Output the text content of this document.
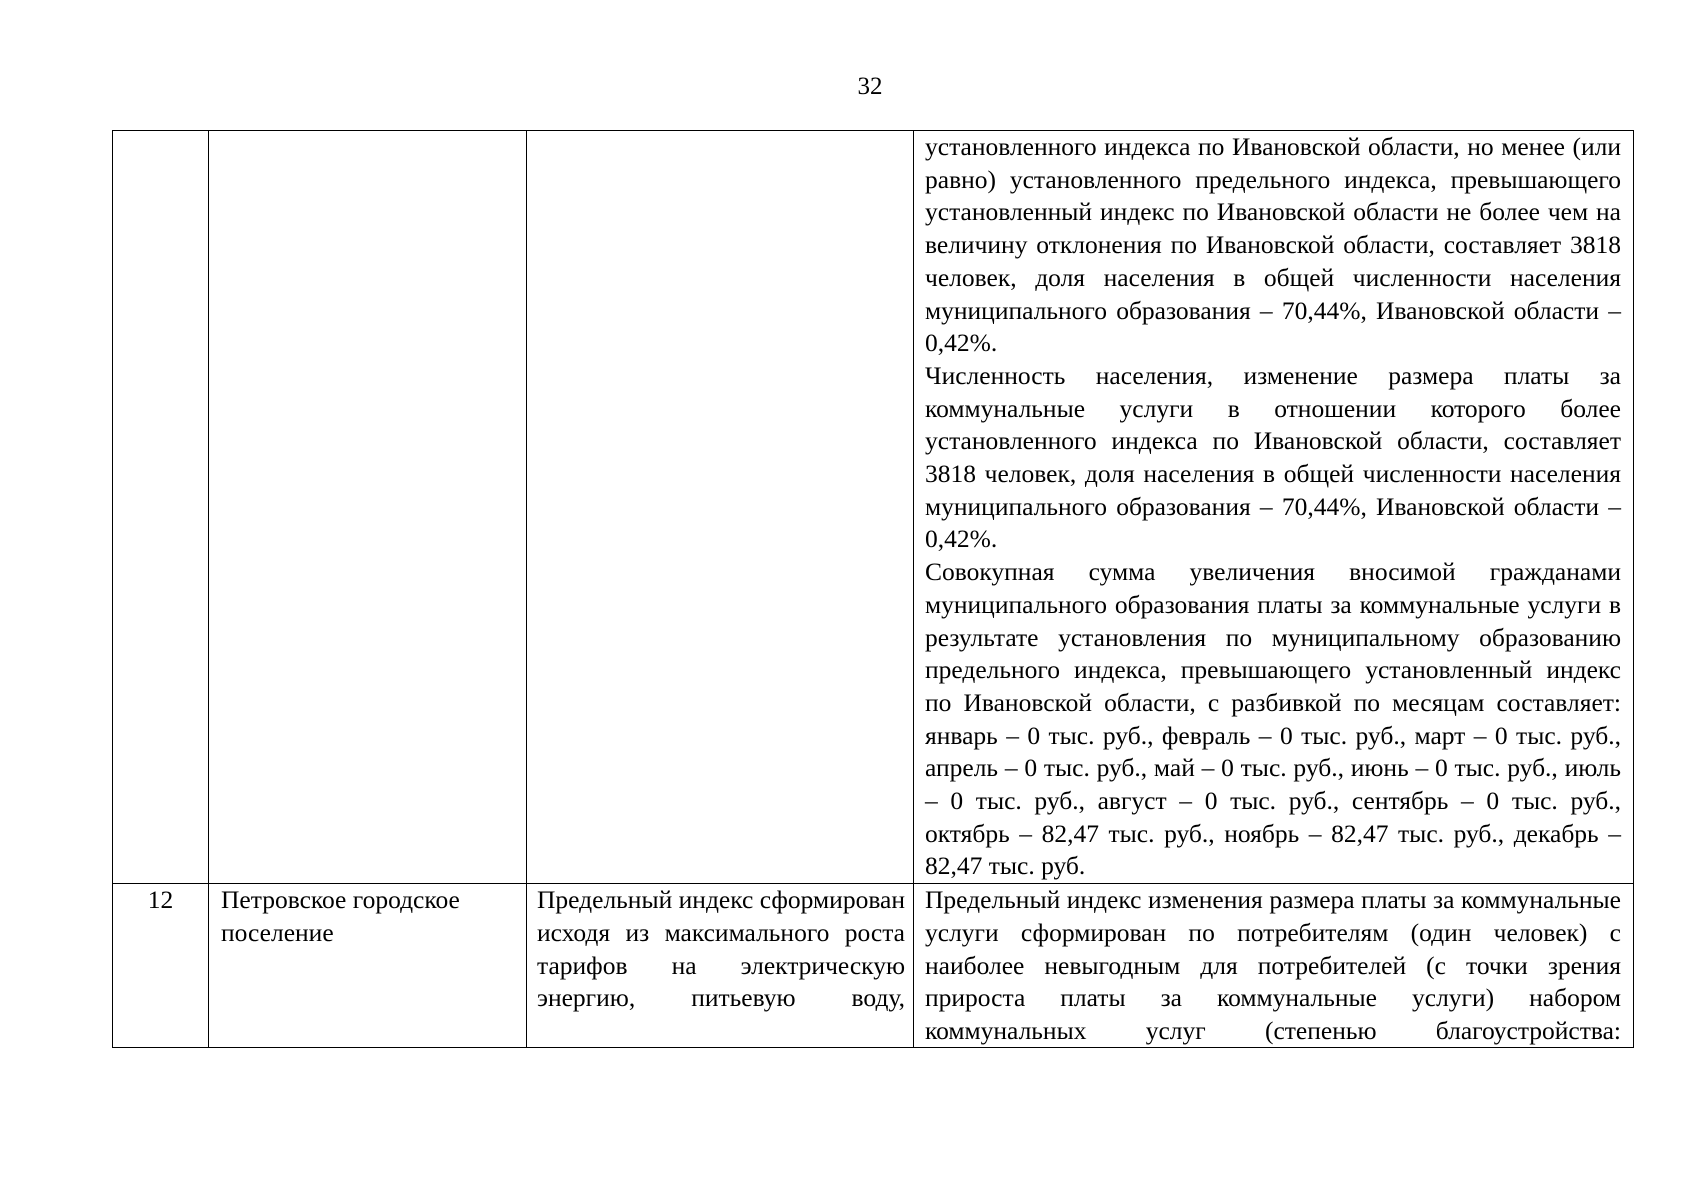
32

			установленного индекса по Ивановской области, но менее (или равно) установленного предельного индекса, превышающего установленный индекс по Ивановской области не более чем на величину отклонения по Ивановской области, составляет 3818 человек, доля населения в общей численности населения муниципального образования – 70,44%, Ивановской области – 0,42%.

Численность населения, изменение размера платы за коммунальные услуги в отношении которого более установленного индекса по Ивановской области, составляет 3818 человек, доля населения в общей численности населения муниципального образования – 70,44%, Ивановской области – 0,42%.

Совокупная сумма увеличения вносимой гражданами муниципального образования платы за коммунальные услуги в результате установления по муниципальному образованию предельного индекса, превышающего установленный индекс по Ивановской области, с разбивкой по месяцам составляет: январь – 0 тыс. руб., февраль – 0 тыс. руб., март – 0 тыс. руб., апрель – 0 тыс. руб., май – 0 тыс. руб., июнь – 0 тыс. руб., июль – 0 тыс. руб., август – 0 тыс. руб., сентябрь – 0 тыс. руб., октябрь – 82,47 тыс. руб., ноябрь – 82,47 тыс. руб., декабрь – 82,47 тыс. руб.

12	Петровское городское поселение	Предельный индекс сформирован исходя из максимального роста тарифов на электрическую энергию, питьевую воду,	Предельный индекс изменения размера платы за коммунальные услуги сформирован по потребителям (один человек) с наиболее невыгодным для потребителей (с точки зрения прироста платы за коммунальные услуги) набором коммунальных услуг (степенью благоустройства:
